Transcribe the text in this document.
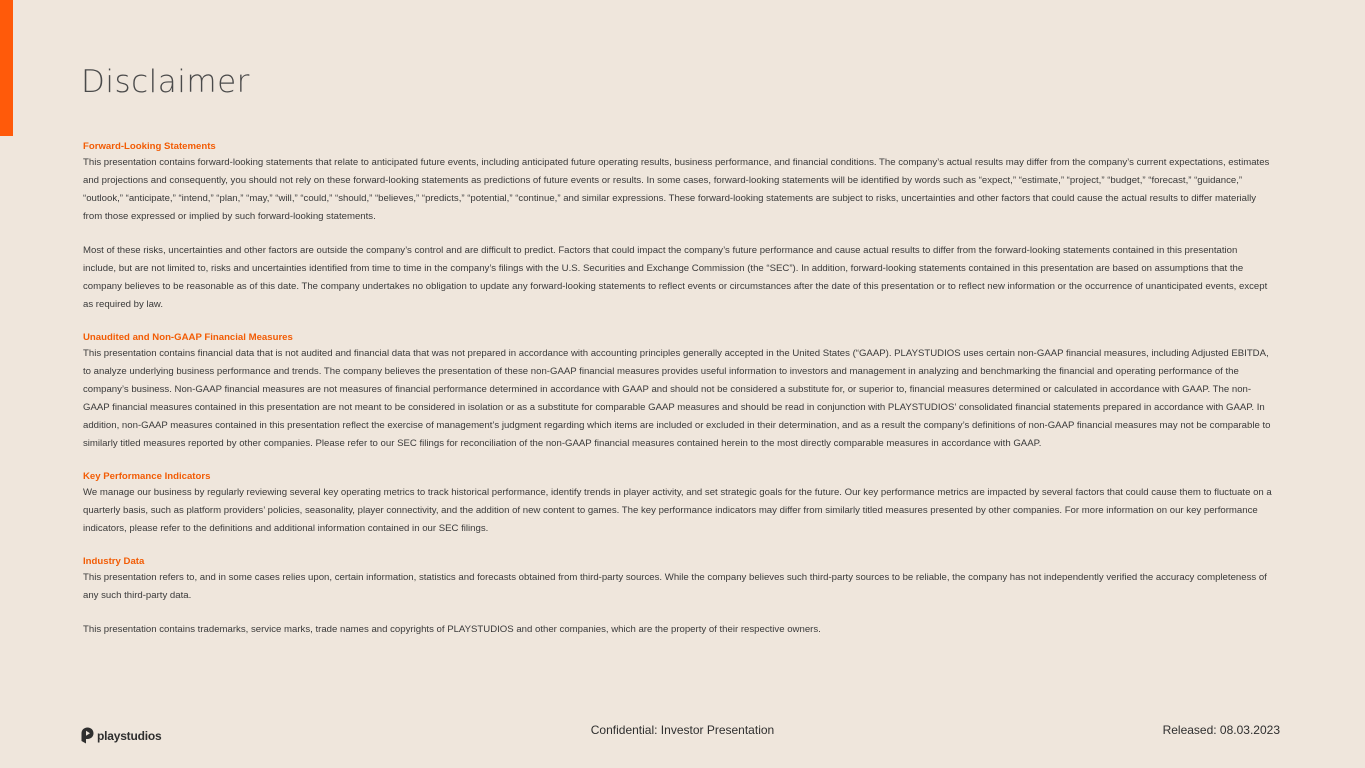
Disclaimer
Forward-Looking Statements

This presentation contains forward-looking statements that relate to anticipated future events, including anticipated future operating results, business performance, and financial conditions. The company’s actual results may differ from the company’s current expectations, estimates and projections and consequently, you should not rely on these forward-looking statements as predictions of future events or results. In some cases, forward-looking statements will be identified by words such as “expect,” “estimate,” “project,” “budget,” “forecast,” “guidance,” “outlook,” “anticipate,” “intend,” “plan,” “may,” “will,” “could,” “should,” “believes,” “predicts,” “potential,” “continue,” and similar expressions. These forward-looking statements are subject to risks, uncertainties and other factors that could cause the actual results to differ materially from those expressed or implied by such forward-looking statements.

Most of these risks, uncertainties and other factors are outside the company’s control and are difficult to predict. Factors that could impact the company’s future performance and cause actual results to differ from the forward-looking statements contained in this presentation include, but are not limited to, risks and uncertainties identified from time to time in the company’s filings with the U.S. Securities and Exchange Commission (the “SEC”). In addition, forward-looking statements contained in this presentation are based on assumptions that the company believes to be reasonable as of this date. The company undertakes no obligation to update any forward-looking statements to reflect events or circumstances after the date of this presentation or to reflect new information or the occurrence of unanticipated events, except as required by law.

Unaudited and Non-GAAP Financial Measures

This presentation contains financial data that is not audited and financial data that was not prepared in accordance with accounting principles generally accepted in the United States (“GAAP). PLAYSTUDIOS uses certain non-GAAP financial measures, including Adjusted EBITDA, to analyze underlying business performance and trends. The company believes the presentation of these non-GAAP financial measures provides useful information to investors and management in analyzing and benchmarking the financial and operating performance of the company’s business. Non-GAAP financial measures are not measures of financial performance determined in accordance with GAAP and should not be considered a substitute for, or superior to, financial measures determined or calculated in accordance with GAAP. The non-GAAP financial measures contained in this presentation are not meant to be considered in isolation or as a substitute for comparable GAAP measures and should be read in conjunction with PLAYSTUDIOS’ consolidated financial statements prepared in accordance with GAAP. In addition, non-GAAP measures contained in this presentation reflect the exercise of management’s judgment regarding which items are included or excluded in their determination, and as a result the company’s definitions of non-GAAP financial measures may not be comparable to similarly titled measures reported by other companies. Please refer to our SEC filings for reconciliation of the non-GAAP financial measures contained herein to the most directly comparable measures in accordance with GAAP.

Key Performance Indicators

We manage our business by regularly reviewing several key operating metrics to track historical performance, identify trends in player activity, and set strategic goals for the future. Our key performance metrics are impacted by several factors that could cause them to fluctuate on a quarterly basis, such as platform providers’ policies, seasonality, player connectivity, and the addition of new content to games. The key performance indicators may differ from similarly titled measures presented by other companies. For more information on our key performance indicators, please refer to the definitions and additional information contained in our SEC filings.

Industry Data

This presentation refers to, and in some cases relies upon, certain information, statistics and forecasts obtained from third-party sources. While the company believes such third-party sources to be reliable, the company has not independently verified the accuracy completeness of any such third-party data.

This presentation contains trademarks, service marks, trade names and copyrights of PLAYSTUDIOS and other companies, which are the property of their respective owners.

playstudios	Confidential: Investor Presentation	Released: 08.03.2023
